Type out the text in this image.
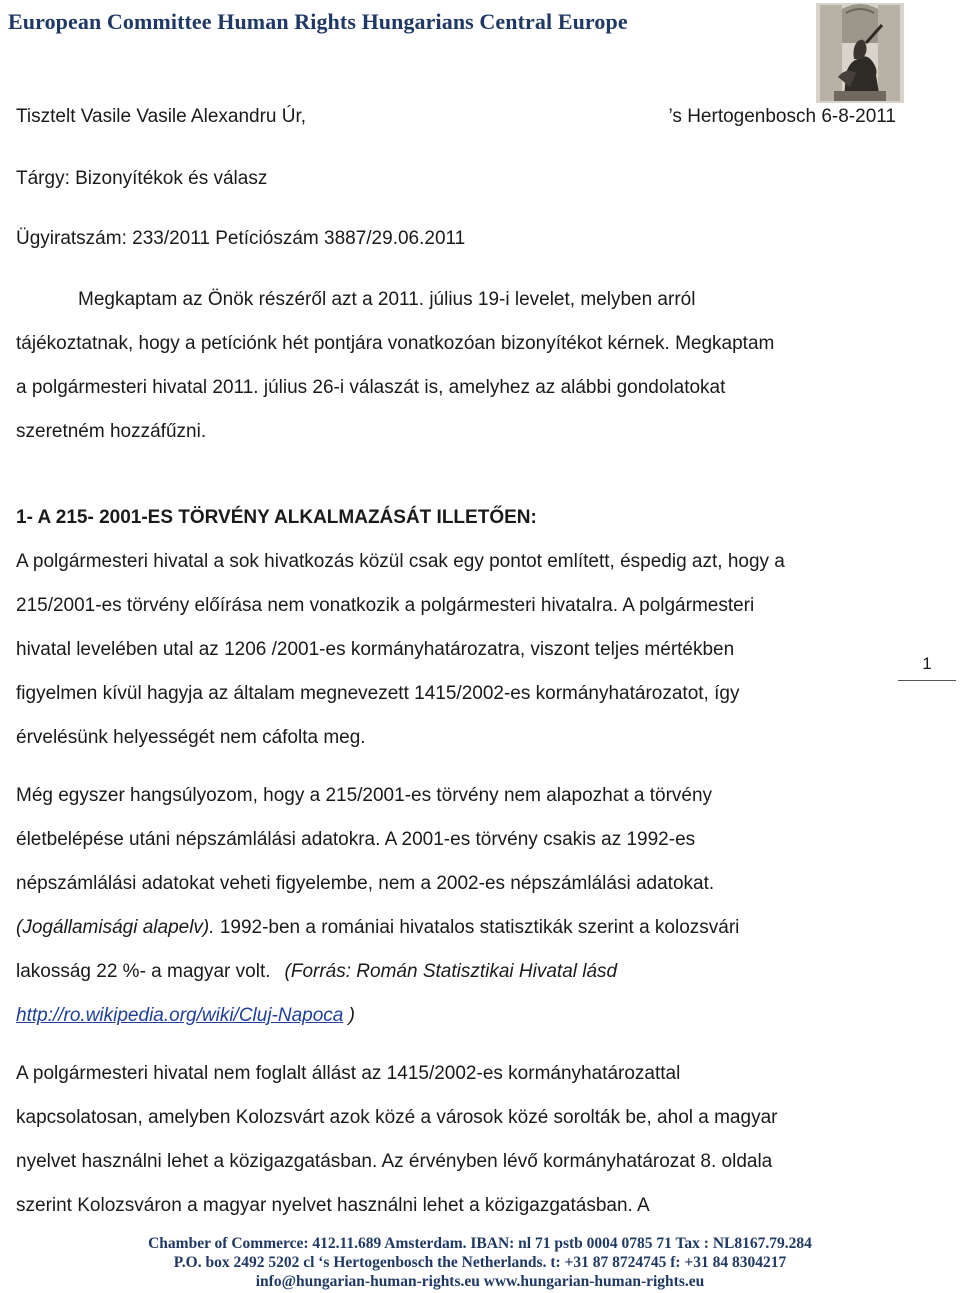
European Committee Human Rights Hungarians Central Europe
Tisztelt Vasile Vasile Alexandru Úr,	’s Hertogenbosch 6-8-2011
Tárgy: Bizonyítékok és válasz
Ügyiratszám: 233/2011 Petíciószám 3887/29.06.2011

Megkaptam az Önök részéről azt a 2011. július 19-i levelet, melyben arról

tájékoztatnak, hogy a petíciónk hét pontjára vonatkozóan bizonyítékot kérnek. Megkaptam

a polgármesteri hivatal 2011. július 26-i válaszát is, amelyhez az alábbi gondolatokat

szeretném hozzáfűzni.

1- A 215- 2001-ES TÖRVÉNY ALKALMAZÁSÁT ILLETŐEN:

A polgármesteri hivatal a sok hivatkozás közül csak egy pontot említett, éspedig azt, hogy a

215/2001-es törvény előírása nem vonatkozik a polgármesteri hivatalra. A polgármesteri

hivatal levelében utal az 1206 /2001-es kormányhatározatra, viszont teljes mértékben

figyelmen kívül hagyja az általam megnevezett 1415/2002-es kormányhatározatot, így

érvelésünk helyességét nem cáfolta meg.

1

Még egyszer hangsúlyozom, hogy a 215/2001-es törvény nem alapozhat a törvény

életbelépése utáni népszámlálási adatokra. A 2001-es törvény csakis az 1992-es

népszámlálási adatokat veheti figyelembe, nem a 2002-es népszámlálási adatokat.

(Jogállamisági alapelv). 1992-ben a romániai hivatalos statisztikák szerint a kolozsvári

lakosság 22 %- a magyar volt. (Forrás: Román Statisztikai Hivatal lásd

http://ro.wikipedia.org/wiki/Cluj-Napoca )

A polgármesteri hivatal nem foglalt állást az 1415/2002-es kormányhatározattal

kapcsolatosan, amelyben Kolozsvárt azok közé a városok közé sorolták be, ahol a magyar

nyelvet használni lehet a közigazgatásban. Az érvényben lévő kormányhatározat 8. oldala

szerint Kolozsváron a magyar nyelvet használni lehet a közigazgatásban. A

Chamber of Commerce: 412.11.689 Amsterdam. IBAN: nl 71 pstb 0004 0785 71 Tax : NL8167.79.284
P.O. box 2492 5202 cl ‘s Hertogenbosch the Netherlands. t: +31 87 8724745 f: +31 84 8304217
info@hungarian-human-rights.eu www.hungarian-human-rights.eu
